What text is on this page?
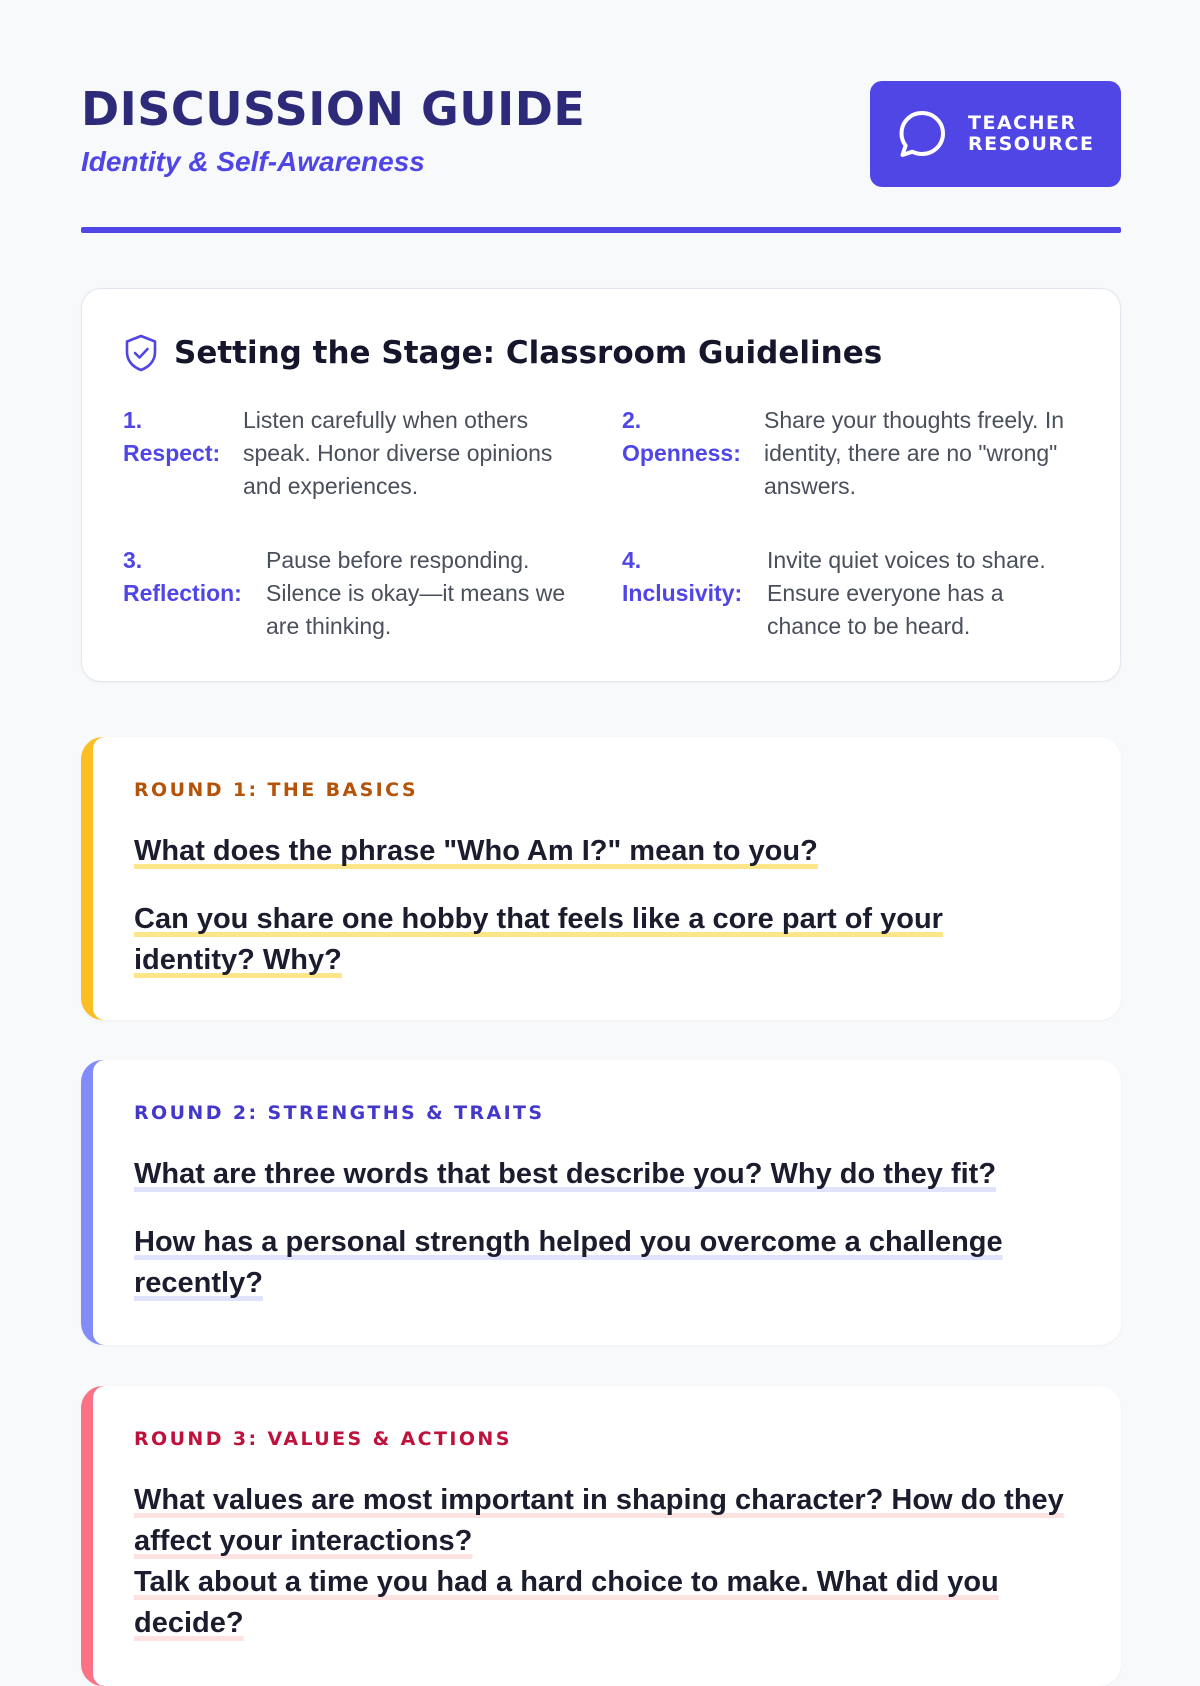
DISCUSSION GUIDE
Identity & Self-Awareness
TEACHER RESOURCE
Setting the Stage: Classroom Guidelines
1. Respect:
Listen carefully when others speak. Honor diverse opinions and experiences.
2. Openness:
Share your thoughts freely. In identity, there are no "wrong" answers.
3. Reflection:
Pause before responding. Silence is okay—it means we are thinking.
4. Inclusivity:
Invite quiet voices to share. Ensure everyone has a chance to be heard.
ROUND 1: THE BASICS
What does the phrase "Who Am I?" mean to you?
Can you share one hobby that feels like a core part of your identity? Why?
ROUND 2: STRENGTHS & TRAITS
What are three words that best describe you? Why do they fit?
How has a personal strength helped you overcome a challenge recently?
ROUND 3: VALUES & ACTIONS
What values are most important in shaping character? How do they affect your interactions?
Talk about a time you had a hard choice to make. What did you decide?
